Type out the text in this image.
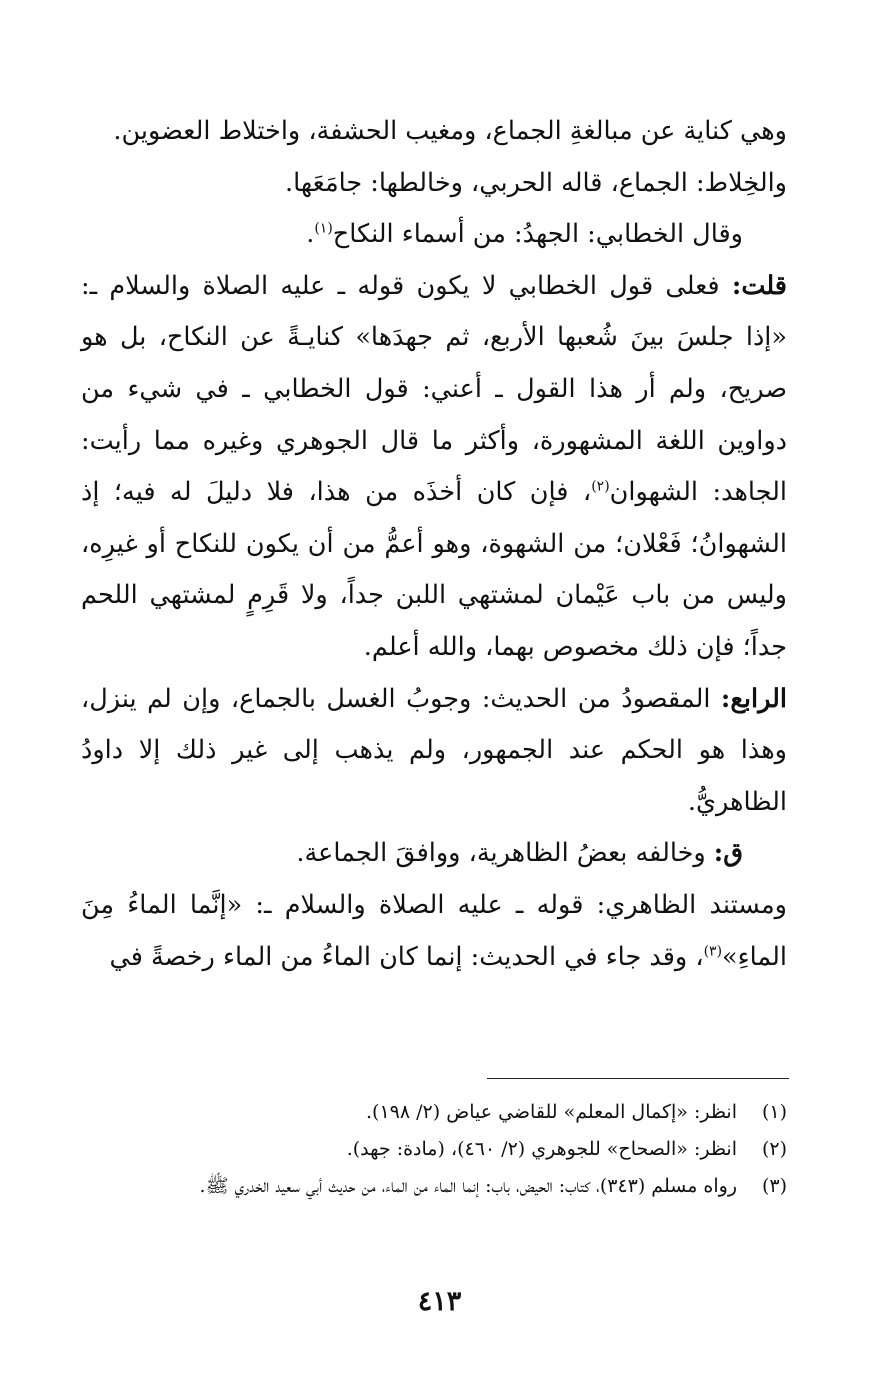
وهي كناية عن مبالغةِ الجماع، ومغيب الحشفة، واختلاط العضوين.

والخِلاط: الجماع، قاله الحربي، وخالطها: جامَعَها.

وقال الخطابي: الجهدُ: من أسماء النكاح$^{(١)}$.

قلت: فعلى قول الخطابي لا يكون قوله ـ عليه الصلاة والسلام ـ: «إذا جلسَ بينَ شُعبها الأربع، ثم جهدَها» كنايـةً عن النكاح، بل هو صريح، ولم أر هذا القول ـ أعني: قول الخطابي ـ في شيء من دواوين اللغة المشهورة، وأكثر ما قال الجوهري وغيره مما رأيت: الجاهد: الشهوان$^{(٢)}$، فإن كان أخذَه من هذا، فلا دليلَ له فيه؛ إذ الشهوانُ؛ فَعْلان؛ من الشهوة، وهو أعمُّ من أن يكون للنكاح أو غيرِه، وليس من باب عَيْمان لمشتهي اللبن جداً، ولا قَرِمٍ لمشتهي اللحم جداً؛ فإن ذلك مخصوص بهما، والله أعلم.

الرابع: المقصودُ من الحديث: وجوبُ الغسل بالجماع، وإن لم ينزل، وهذا هو الحكم عند الجمهور، ولم يذهب إلى غير ذلك إلا داودُ الظاهريُّ.

ق: وخالفه بعضُ الظاهرية، ووافقَ الجماعة.

ومستند الظاهري: قوله ـ عليه الصلاة والسلام ـ: «إنَّما الماءُ مِنَ الماءِ»$^{(٣)}$، وقد جاء في الحديث: إنما كان الماءُ من الماء رخصةً في

(١)
انظر: «إكمال المعلم» للقاضي عياض (٢/ ١٩٨).
(٢)
انظر: «الصحاح» للجوهري (٢/ ٤٦٠)، (مادة: جهد).
(٣)
رواه مسلم (٣٤٣)، كتاب: الحيض، باب: إنما الماء من الماء، من حديث أبي سعيد الخدري ﷺ.
٤١٣
